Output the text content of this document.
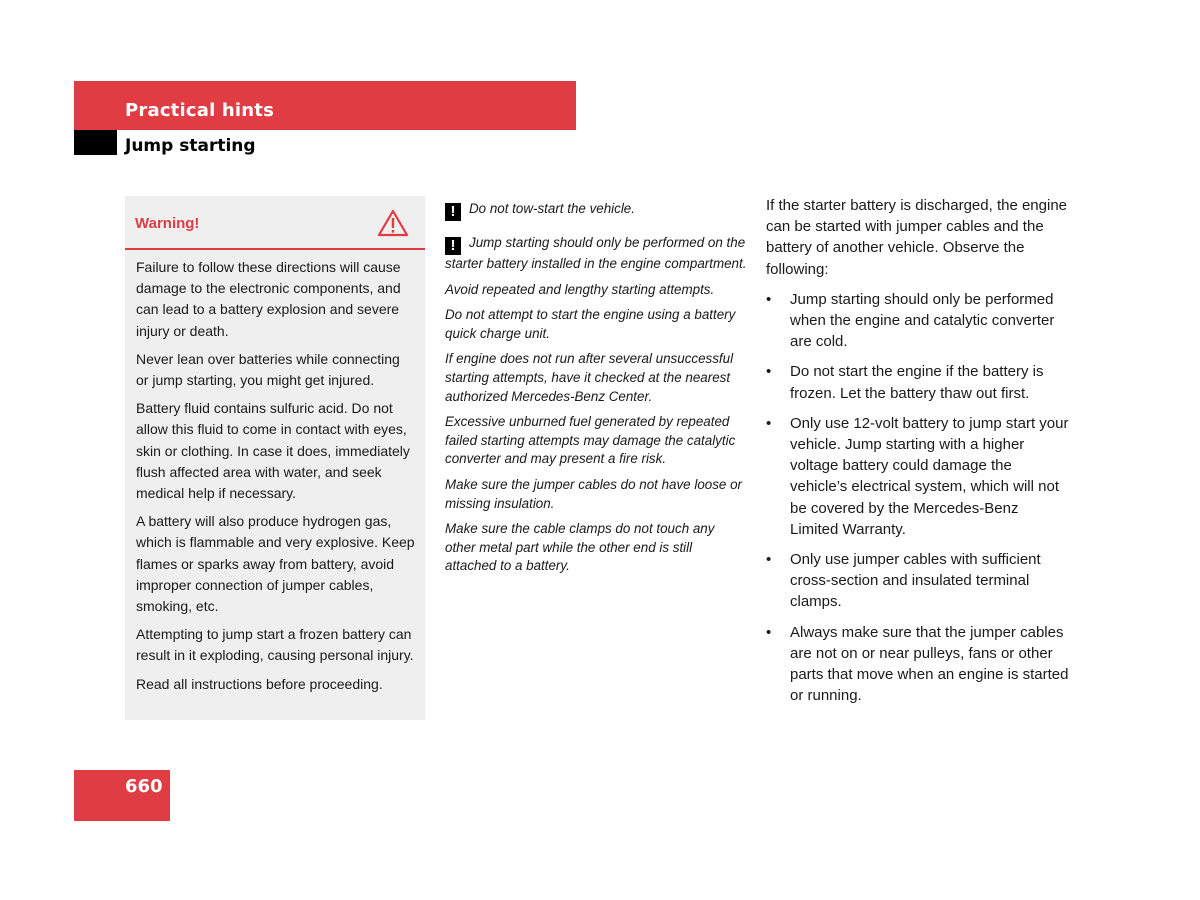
Practical hints
Jump starting
Warning!

Failure to follow these directions will cause damage to the electronic components, and can lead to a battery explosion and severe injury or death.

Never lean over batteries while connecting or jump starting, you might get injured.

Battery fluid contains sulfuric acid. Do not allow this fluid to come in contact with eyes, skin or clothing. In case it does, immediately flush affected area with water, and seek medical help if necessary.

A battery will also produce hydrogen gas, which is flammable and very explosive. Keep flames or sparks away from battery, avoid improper connection of jumper cables, smoking, etc.

Attempting to jump start a frozen battery can result in it exploding, causing personal injury.

Read all instructions before proceeding.

! Do not tow-start the vehicle.

! Jump starting should only be performed on the starter battery installed in the engine compartment.

Avoid repeated and lengthy starting attempts.

Do not attempt to start the engine using a battery quick charge unit.

If engine does not run after several unsuccessful starting attempts, have it checked at the nearest authorized Mercedes-Benz Center.

Excessive unburned fuel generated by repeated failed starting attempts may damage the catalytic converter and may present a fire risk.

Make sure the jumper cables do not have loose or missing insulation.

Make sure the cable clamps do not touch any other metal part while the other end is still attached to a battery.

If the starter battery is discharged, the engine can be started with jumper cables and the battery of another vehicle. Observe the following:

• Jump starting should only be performed when the engine and catalytic converter are cold.
• Do not start the engine if the battery is frozen. Let the battery thaw out first.
• Only use 12-volt battery to jump start your vehicle. Jump starting with a higher voltage battery could damage the vehicle’s electrical system, which will not be covered by the Mercedes-Benz Limited Warranty.
• Only use jumper cables with sufficient cross-section and insulated terminal clamps.
• Always make sure that the jumper cables are not on or near pulleys, fans or other parts that move when an engine is started or running.
660
